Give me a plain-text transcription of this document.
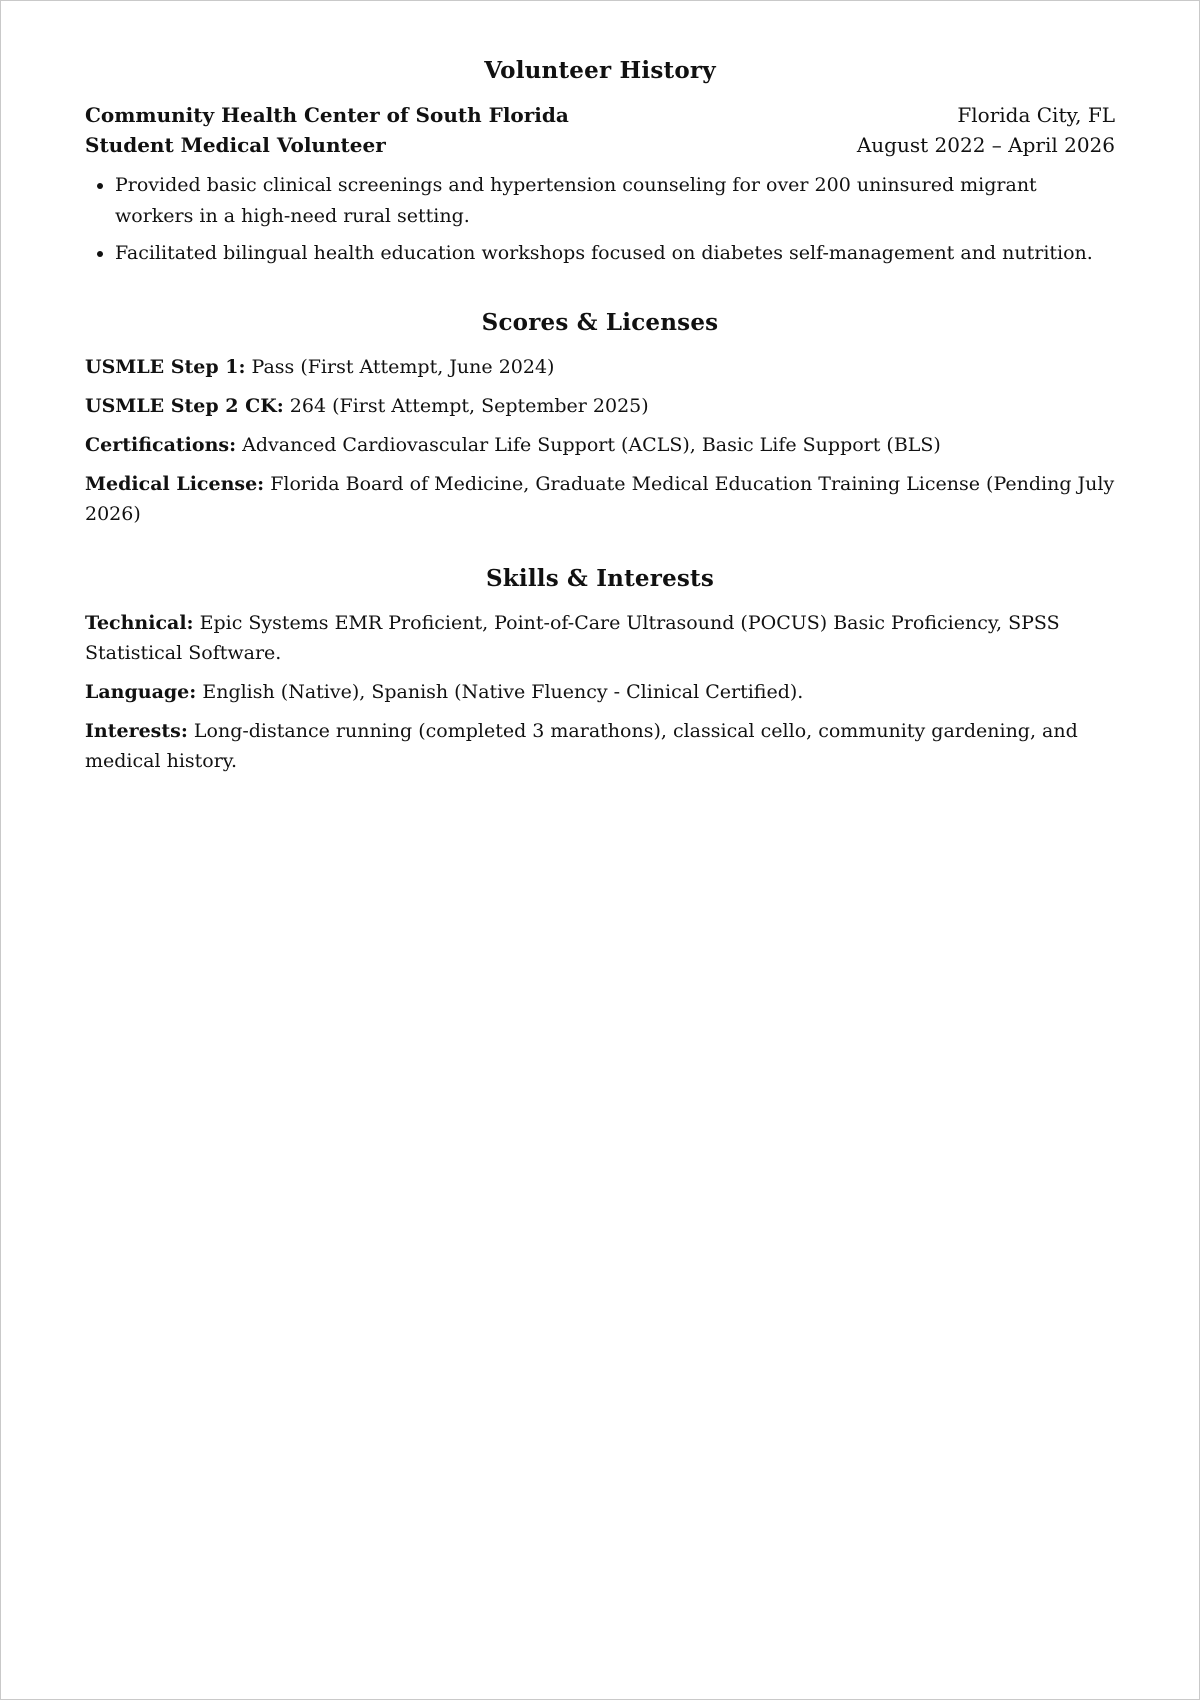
Volunteer History
Community Health Center of South Florida	Florida City, FL
Student Medical Volunteer	August 2022 – April 2026
• Provided basic clinical screenings and hypertension counseling for over 200 uninsured migrant workers in a high-need rural setting.
• Facilitated bilingual health education workshops focused on diabetes self-management and nutrition.
Scores & Licenses

USMLE Step 1: Pass (First Attempt, June 2024)

USMLE Step 2 CK: 264 (First Attempt, September 2025)

Certifications: Advanced Cardiovascular Life Support (ACLS), Basic Life Support (BLS)

Medical License: Florida Board of Medicine, Graduate Medical Education Training License (Pending July 2026)

Skills & Interests

Technical: Epic Systems EMR Proficient, Point-of-Care Ultrasound (POCUS) Basic Proficiency, SPSS Statistical Software.

Language: English (Native), Spanish (Native Fluency - Clinical Certified).

Interests: Long-distance running (completed 3 marathons), classical cello, community gardening, and medical history.
